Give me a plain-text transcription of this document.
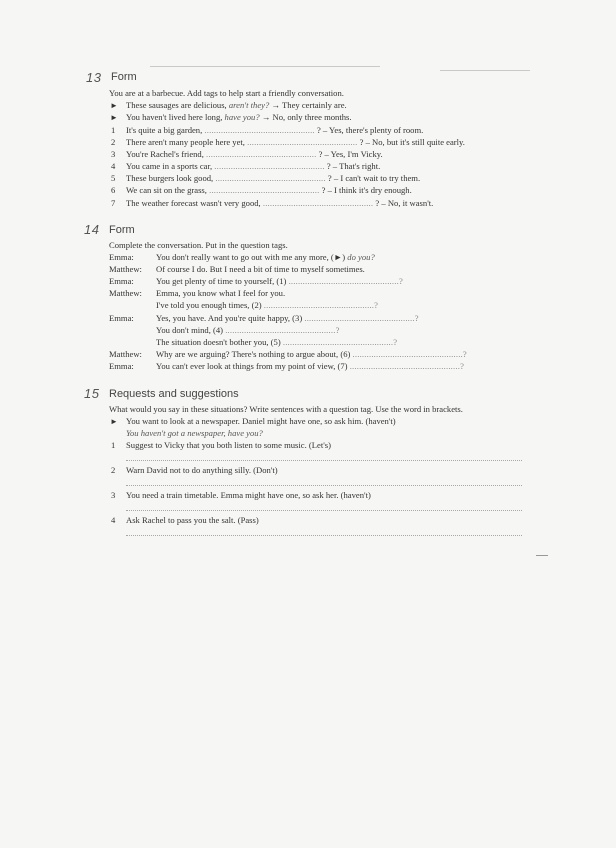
13 Form
You are at a barbecue. Add tags to help start a friendly conversation.
► These sausages are delicious, aren't they? → They certainly are.
► You haven't lived here long, have you? → No, only three months.
1 It's quite a big garden, ............................................... ? – Yes, there's plenty of room.
2 There aren't many people here yet, ............................................... ? – No, but it's still quite early.
3 You're Rachel's friend, ............................................... ? – Yes, I'm Vicky.
4 You came in a sports car, ............................................... ? – That's right.
5 These burgers look good, ............................................... ? – I can't wait to try them.
6 We can sit on the grass, ............................................... ? – I think it's dry enough.
7 The weather forecast wasn't very good, ............................................... ? – No, it wasn't.
14 Form
Complete the conversation. Put in the question tags.
Emma:	You don't really want to go out with me any more, (►) do you?
Matthew: Of course I do. But I need a bit of time to myself sometimes.
Emma:	You get plenty of time to yourself, (1) ...............................................?
Matthew: Emma, you know what I feel for you.
I've told you enough times, (2) ...............................................?
Emma:	Yes, you have. And you're quite happy, (3) ...............................................?
You don't mind, (4) ...............................................?
The situation doesn't bother you, (5) ...............................................?
Matthew: Why are we arguing? There's nothing to argue about, (6) ...............................................?
Emma:	You can't ever look at things from my point of view, (7) ...............................................?
15 Requests and suggestions
What would you say in these situations? Write sentences with a question tag. Use the word in brackets.
► You want to look at a newspaper. Daniel might have one, so ask him. (haven't)
You haven't got a newspaper, have you?
1 Suggest to Vicky that you both listen to some music. (Let's)
2 Warn David not to do anything silly. (Don't)
3 You need a train timetable. Emma might have one, so ask her. (haven't)
4 Ask Rachel to pass you the salt. (Pass)
